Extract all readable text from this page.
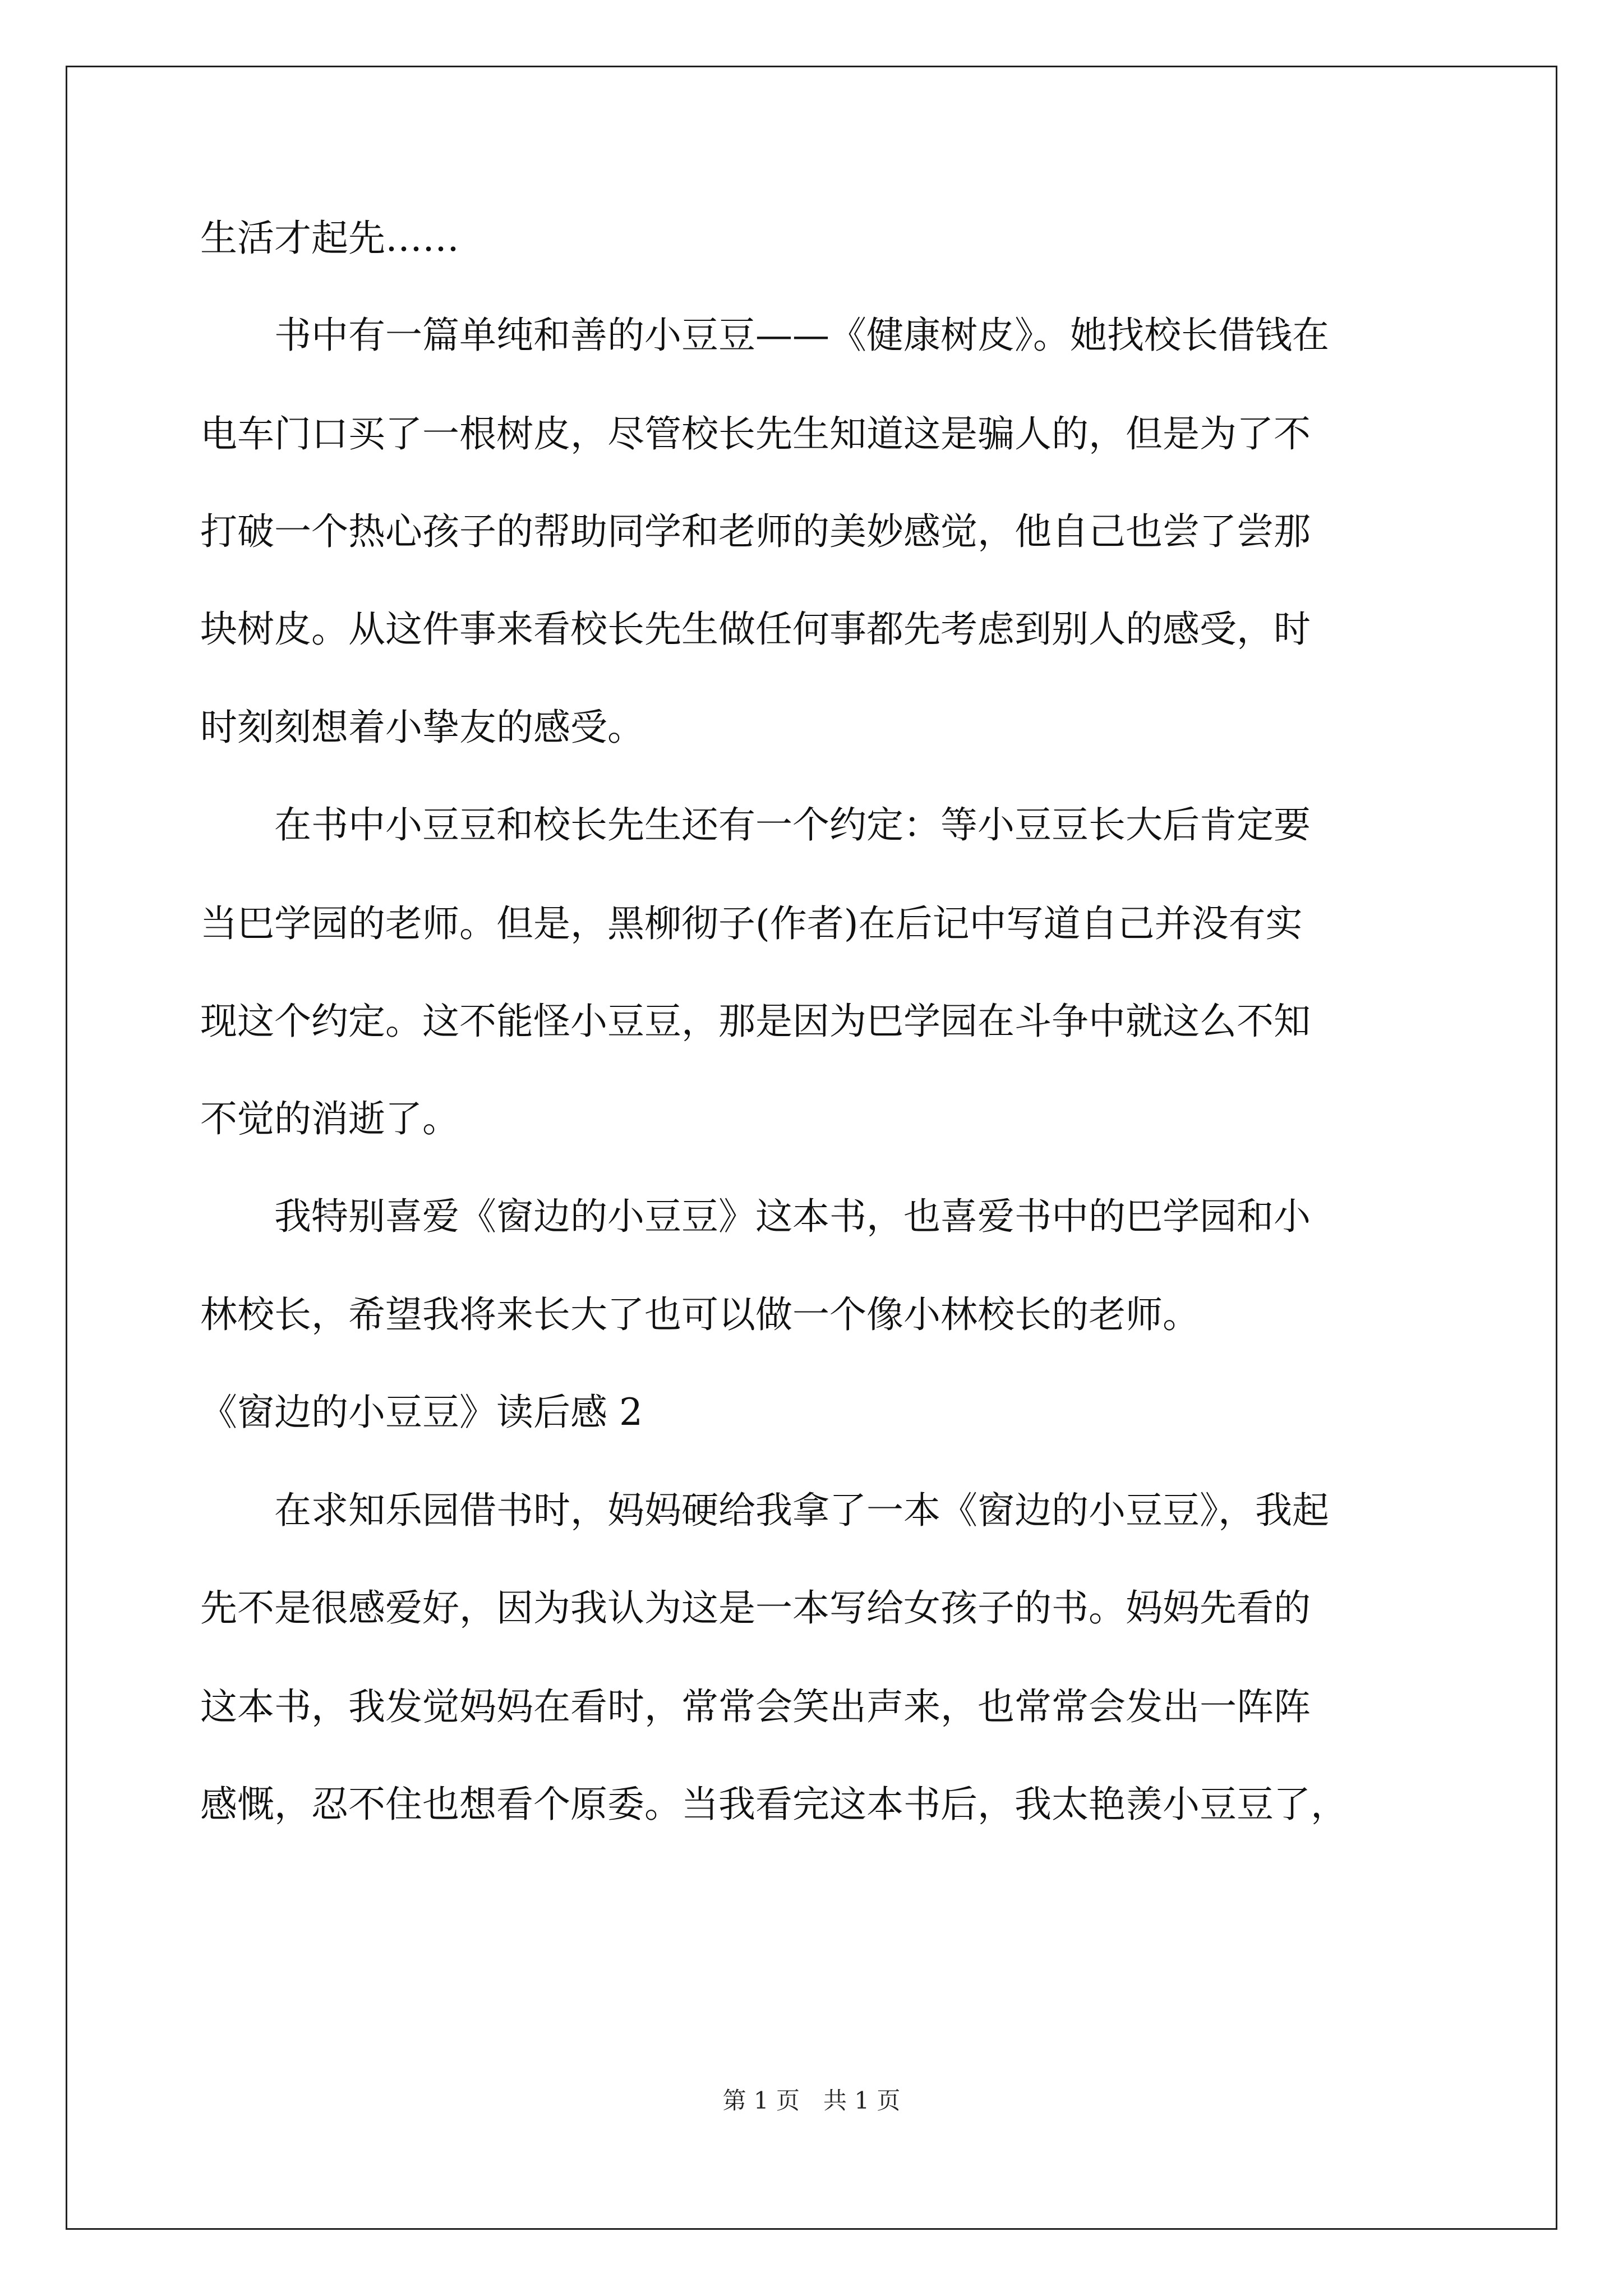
生活才起先……
书中有一篇单纯和善的小豆豆——《健康树皮》。她找校长借钱在
电车门口买了一根树皮，尽管校长先生知道这是骗人的，但是为了不
打破一个热心孩子的帮助同学和老师的美妙感觉，他自己也尝了尝那
块树皮。从这件事来看校长先生做任何事都先考虑到别人的感受，时
时刻刻想着小挚友的感受。
在书中小豆豆和校长先生还有一个约定：等小豆豆长大后肯定要
当巴学园的老师。但是，黑柳彻子(作者)在后记中写道自己并没有实
现这个约定。这不能怪小豆豆，那是因为巴学园在斗争中就这么不知
不觉的消逝了。
我特别喜爱《窗边的小豆豆》这本书，也喜爱书中的巴学园和小
林校长，希望我将来长大了也可以做一个像小林校长的老师。
《窗边的小豆豆》读后感 2
在求知乐园借书时，妈妈硬给我拿了一本《窗边的小豆豆》，我起
先不是很感爱好，因为我认为这是一本写给女孩子的书。妈妈先看的
这本书，我发觉妈妈在看时，常常会笑出声来，也常常会发出一阵阵
感慨，忍不住也想看个原委。当我看完这本书后，我太艳羡小豆豆了，
第 1 页　共 1 页
